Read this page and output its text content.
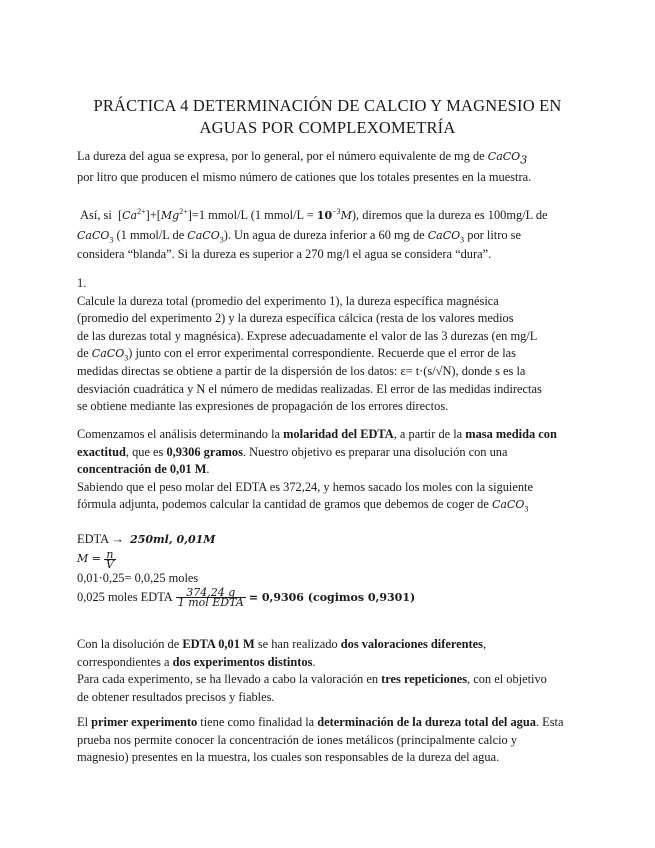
PRÁCTICA 4 DETERMINACIÓN DE CALCIO Y MAGNESIO EN
AGUAS POR COMPLEXOMETRÍA
La dureza del agua se expresa, por lo general, por el número equivalente de mg de CaCO$_3$
por litro que producen el mismo número de cationes que los totales presentes en la muestra.
Así, si  $[Ca^{2+}]+[Mg^{2+}]=1$ mmol/L (1 mmol/L = $10^{-3}M$), diremos que la dureza es 100mg/L de
CaCO$_3$ (1 mmol/L de CaCO$_3$). Un agua de dureza inferior a 60 mg de CaCO$_3$ por litro se
considera “blanda”. Si la dureza es superior a 270 mg/l el agua se considera “dura”.
1.
Calcule la dureza total (promedio del experimento 1), la dureza específica magnésica
(promedio del experimento 2) y la dureza específica cálcica (resta de los valores medios
de las durezas total y magnésica). Exprese adecuadamente el valor de las 3 durezas (en mg/L
de CaCO$_3$) junto con el error experimental correspondiente. Recuerde que el error de las
medidas directas se obtiene a partir de la dispersión de los datos: ε= t·(s/√N), donde s es la
desviación cuadrática y N el número de medidas realizadas. El error de las medidas indirectas
se obtiene mediante las expresiones de propagación de los errores directos.
Comenzamos el análisis determinando la molaridad del EDTA, a partir de la masa medida con
exactitud, que es 0,9306 gramos. Nuestro objetivo es preparar una disolución con una
concentración de 0,01 M.
Sabiendo que el peso molar del EDTA es 372,24, y hemos sacado los moles con la siguiente
fórmula adjunta, podemos calcular la cantidad de gramos que debemos de coger de CaCO$_3$
EDTA → 250ml, 0,01M
$M = \frac{n}{V}$
0,01·0,25= 0,0,25 moles
0,025 moles EDTA $\frac{374,24 g}{\text{1 mol EDTA}} = 0,9306$ (cogimos 0,9301)
Con la disolución de EDTA 0,01 M se han realizado dos valoraciones diferentes,
correspondientes a dos experimentos distintos.
Para cada experimento, se ha llevado a cabo la valoración en tres repeticiones, con el objetivo
de obtener resultados precisos y fiables.
El primer experimento tiene como finalidad la determinación de la dureza total del agua. Esta
prueba nos permite conocer la concentración de iones metálicos (principalmente calcio y
magnesio) presentes en la muestra, los cuales son responsables de la dureza del agua.
